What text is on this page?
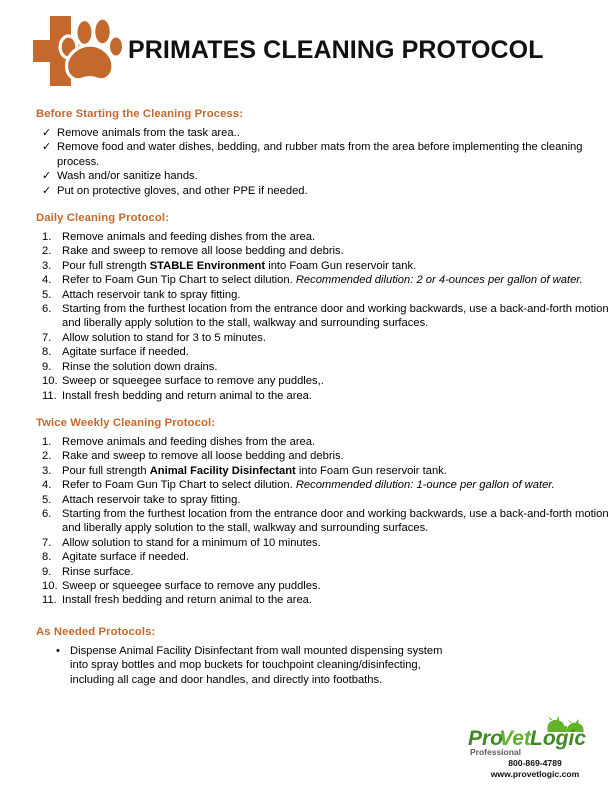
PRIMATES CLEANING PROTOCOL
Before Starting the Cleaning Process:
✓ Remove animals from the task area..
✓ Remove food and water dishes, bedding, and rubber mats from the area before implementing the cleaning process.
✓ Wash and/or sanitize hands.
✓ Put on protective gloves, and other PPE if needed.
Daily Cleaning Protocol:
1. Remove animals and feeding dishes from the area.
2. Rake and sweep to remove all loose bedding and debris.
3. Pour full strength STABLE Environment into Foam Gun reservoir tank.
4. Refer to Foam Gun Tip Chart to select dilution. Recommended dilution: 2 or 4-ounces per gallon of water.
5. Attach reservoir tank to spray fitting.
6. Starting from the furthest location from the entrance door and working backwards, use a back-and-forth motion and liberally apply solution to the stall, walkway and surrounding surfaces.
7. Allow solution to stand for 3 to 5 minutes.
8. Agitate surface if needed.
9. Rinse the solution down drains.
10. Sweep or squeegee surface to remove any puddles,.
11. Install fresh bedding and return animal to the area.
Twice Weekly Cleaning Protocol:
1. Remove animals and feeding dishes from the area.
2. Rake and sweep to remove all loose bedding and debris.
3. Pour full strength Animal Facility Disinfectant into Foam Gun reservoir tank.
4. Refer to Foam Gun Tip Chart to select dilution. Recommended dilution: 1-ounce per gallon of water.
5. Attach reservoir take to spray fitting.
6. Starting from the furthest location from the entrance door and working backwards, use a back-and-forth motion and liberally apply solution to the stall, walkway and surrounding surfaces.
7. Allow solution to stand for a minimum of 10 minutes.
8. Agitate surface if needed.
9. Rinse surface.
10. Sweep or squeegee surface to remove any puddles.
11. Install fresh bedding and return animal to the area.
As Needed Protocols:
• Dispense Animal Facility Disinfectant from wall mounted dispensing system into spray bottles and mop buckets for touchpoint cleaning/disinfecting, including all cage and door handles, and directly into footbaths.
Pro
Vet Logic
Professional
800-869-4789
www.provetlogic.com
